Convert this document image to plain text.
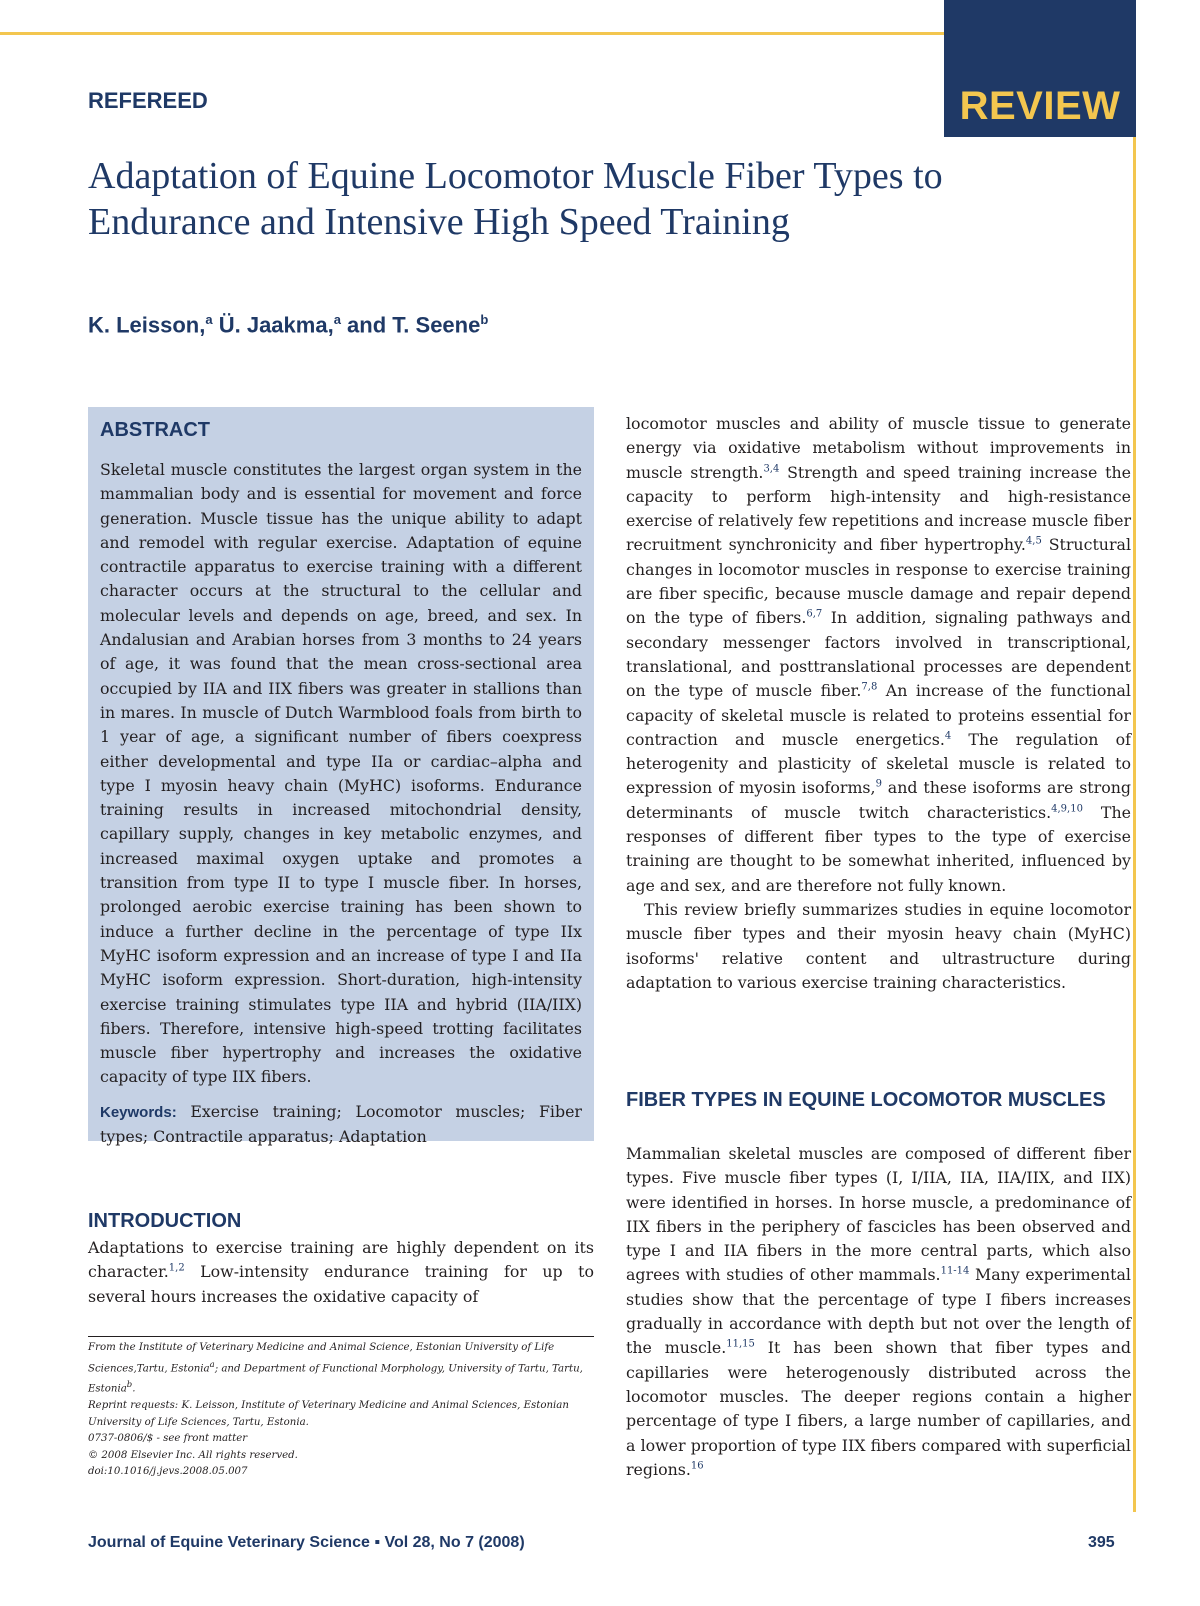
REVIEW
REFEREED
Adaptation of Equine Locomotor Muscle Fiber Types to Endurance and Intensive High Speed Training
K. Leisson,$^a$ Ü. Jaakma,$^a$ and T. Seene$^b$
ABSTRACT

Skeletal muscle constitutes the largest organ system in the mammalian body and is essential for movement and force generation. Muscle tissue has the unique ability to adapt and remodel with regular exercise. Adaptation of equine contractile apparatus to exercise training with a different character occurs at the structural to the cellular and molecular levels and depends on age, breed, and sex. In Andalusian and Arabian horses from 3 months to 24 years of age, it was found that the mean cross-sectional area occupied by IIA and IIX fibers was greater in stallions than in mares. In muscle of Dutch Warmblood foals from birth to 1 year of age, a significant number of fibers coexpress either developmental and type IIa or cardiac–alpha and type I myosin heavy chain (MyHC) isoforms. Endurance training results in increased mitochondrial density, capillary supply, changes in key metabolic enzymes, and increased maximal oxygen uptake and promotes a transition from type II to type I muscle fiber. In horses, prolonged aerobic exercise training has been shown to induce a further decline in the percentage of type IIx MyHC isoform expression and an increase of type I and IIa MyHC isoform expression. Short-duration, high-intensity exercise training stimulates type IIA and hybrid (IIA/IIX) fibers. Therefore, intensive high-speed trotting facilitates muscle fiber hypertrophy and increases the oxidative capacity of type IIX fibers.

Keywords: Exercise training; Locomotor muscles; Fiber types; Contractile apparatus; Adaptation

INTRODUCTION

Adaptations to exercise training are highly dependent on its character.$^{1,2}$ Low-intensity endurance training for up to several hours increases the oxidative capacity of

From the Institute of Veterinary Medicine and Animal Science, Estonian University of Life Sciences,Tartu, Estonia$^a$; and Department of Functional Morphology, University of Tartu, Tartu, Estonia$^b$.
Reprint requests: K. Leisson, Institute of Veterinary Medicine and Animal Sciences, Estonian University of Life Sciences, Tartu, Estonia.
0737-0806/$ - see front matter
© 2008 Elsevier Inc. All rights reserved.
doi:10.1016/j.jevs.2008.05.007

locomotor muscles and ability of muscle tissue to generate energy via oxidative metabolism without improvements in muscle strength.$^{3,4}$ Strength and speed training increase the capacity to perform high-intensity and high-resistance exercise of relatively few repetitions and increase muscle fiber recruitment synchronicity and fiber hypertrophy.$^{4,5}$ Structural changes in locomotor muscles in response to exercise training are fiber specific, because muscle damage and repair depend on the type of fibers.$^{6,7}$ In addition, signaling pathways and secondary messenger factors involved in transcriptional, translational, and posttranslational processes are dependent on the type of muscle fiber.$^{7,8}$ An increase of the functional capacity of skeletal muscle is related to proteins essential for contraction and muscle energetics.$^4$ The regulation of heterogenity and plasticity of skeletal muscle is related to expression of myosin isoforms,$^9$ and these isoforms are strong determinants of muscle twitch characteristics.$^{4,9,10}$ The responses of different fiber types to the type of exercise training are thought to be somewhat inherited, influenced by age and sex, and are therefore not fully known.

This review briefly summarizes studies in equine locomotor muscle fiber types and their myosin heavy chain (MyHC) isoforms' relative content and ultrastructure during adaptation to various exercise training characteristics.

FIBER TYPES IN EQUINE LOCOMOTOR MUSCLES

Mammalian skeletal muscles are composed of different fiber types. Five muscle fiber types (I, I/IIA, IIA, IIA/IIX, and IIX) were identified in horses. In horse muscle, a predominance of IIX fibers in the periphery of fascicles has been observed and type I and IIA fibers in the more central parts, which also agrees with studies of other mammals.$^{11-14}$ Many experimental studies show that the percentage of type I fibers increases gradually in accordance with depth but not over the length of the muscle.$^{11,15}$ It has been shown that fiber types and capillaries were heterogenously distributed across the locomotor muscles. The deeper regions contain a higher percentage of type I fibers, a large number of capillaries, and a lower proportion of type IIX fibers compared with superficial regions.$^{16}$

Journal of Equine Veterinary Science ▪ Vol 28, No 7 (2008)	395
